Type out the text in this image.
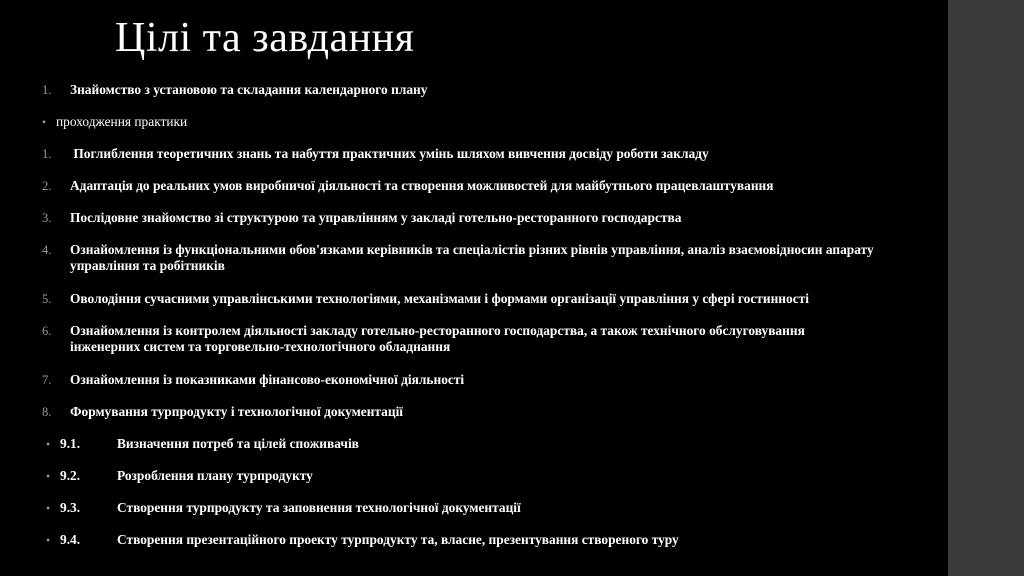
Цілі та завдання
1. Знайомство з установою та складання календарного плану
• проходження практики
1. Поглиблення теоретичних знань та набуття практичних умінь шляхом вивчення досвіду роботи закладу
2. Адаптація до реальних умов виробничої діяльності та створення можливостей для майбутнього працевлаштування
3. Послідовне знайомство зі структурою та управлінням у закладі готельно-ресторанного господарства
4. Ознайомлення із функціональними обов'язками керівників та спеціалістів різних рівнів управління, аналіз взаємовідносин апарату управління та робітників
5. Оволодіння сучасними управлінськими технологіями, механізмами і формами організації управління у сфері гостинності
6. Ознайомлення із контролем діяльності закладу готельно-ресторанного господарства, а також технічного обслуговування інженерних систем та торговельно-технологічного обладнання
7. Ознайомлення із показниками фінансово-економічної діяльності
8. Формування турпродукту і технологічної документації
• 9.1.	Визначення потреб та цілей споживачів
• 9.2.	Розроблення плану турпродукту
• 9.3.	Створення турпродукту та заповнення технологічної документації
• 9.4.	Створення презентаційного проекту турпродукту та, власне, презентування створеного туру
